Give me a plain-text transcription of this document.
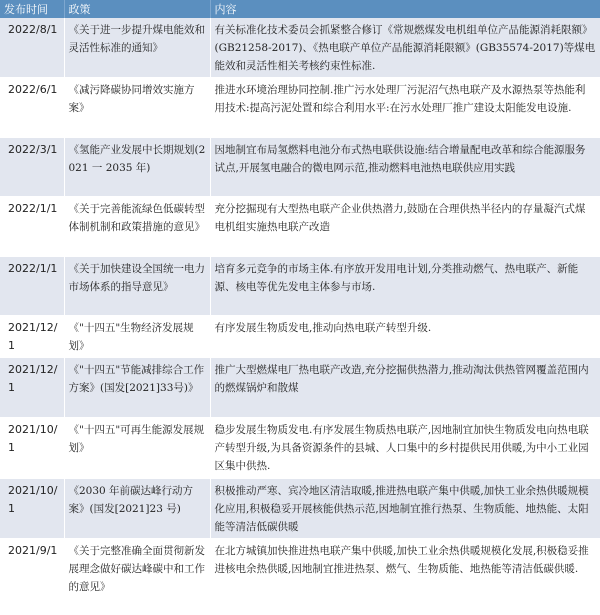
发布时间	政策	内容
2022/8/1	《关于进一步提升煤电能效和灵活性标准的通知》	有关标准化技术委员会抓紧整合修订《常规燃煤发电机组单位产品能源消耗限额》(GB21258-2017)、《热电联产单位产品能源消耗限额》(GB35574-2017)等煤电能效和灵活性相关考核约束性标准.
2022/6/1	《减污降碳协同增效实施方案》	推进水环境治理协同控制.推广污水处理厂污泥沼气热电联产及水源热泵等热能利用技术:提高污泥处置和综合利用水平:在污水处理厂推广建设太阳能发电设施.
2022/3/1	《氢能产业发展中长期规划(2021 一 2035 年)	因地制宜布局氢燃料电池分布式热电联供设施:结合增量配电改革和综合能源服务试点,开展氢电融合的微电网示范,推动燃料电池热电联供应用实践
2022/1/1	《关于完善能流绿色低碳转型体制机制和政策措施的意见》	充分挖掘现有大型热电联产企业供热潜力,鼓励在合理供热半径内的存量凝汽式煤电机组实施热电联产改造
2022/1/1	《关于加快建设全国统一电力市场体系的指导意见》	培育多元竞争的市场主体.有序放开发用电计划,分类推动燃气、热电联产、新能源、核电等优先发电主体参与市场.
2021/12/1	《"十四五"生物经济发展规划》	有序发展生物质发电,推动向热电联产转型升级.
2021/12/1	《"十四五"节能减排综合工作方案》(国发[2021]33号)》	推广大型燃煤电厂热电联产改造,充分挖掘供热潜力,推动淘汰供热管网覆盖范围内的燃煤锅炉和散煤
2021/10/1	《"十四五"可再生能源发展规划》	稳步发展生物质发电.有序发展生物质热电联产,因地制宜加快生物质发电向热电联产转型升级,为具备资源条件的县城、人口集中的乡村提供民用供暖,为中小工业园区集中供热.
2021/10/1	《2030 年前碳达峰行动方案》(国发[2021]23 号)	积极推动严寒、宾冷地区清洁取暖,推进热电联产集中供暖,加快工业余热供暖规模化应用,积极稳妥开展核能供热示范,因地制宜推行热泵、生物质能、地热能、太阳能等清洁低碳供暖
2021/9/1	《关于完整准确全面贯彻新发展理念做好碳达峰碳中和工作的意见》	在北方城镇加快推进热电联产集中供暖,加快工业余热供暖规模化发展,积极稳妥推进核电余热供暖,因地制宜推进热泵、燃气、生物质能、地热能等清洁低碳供暖.
